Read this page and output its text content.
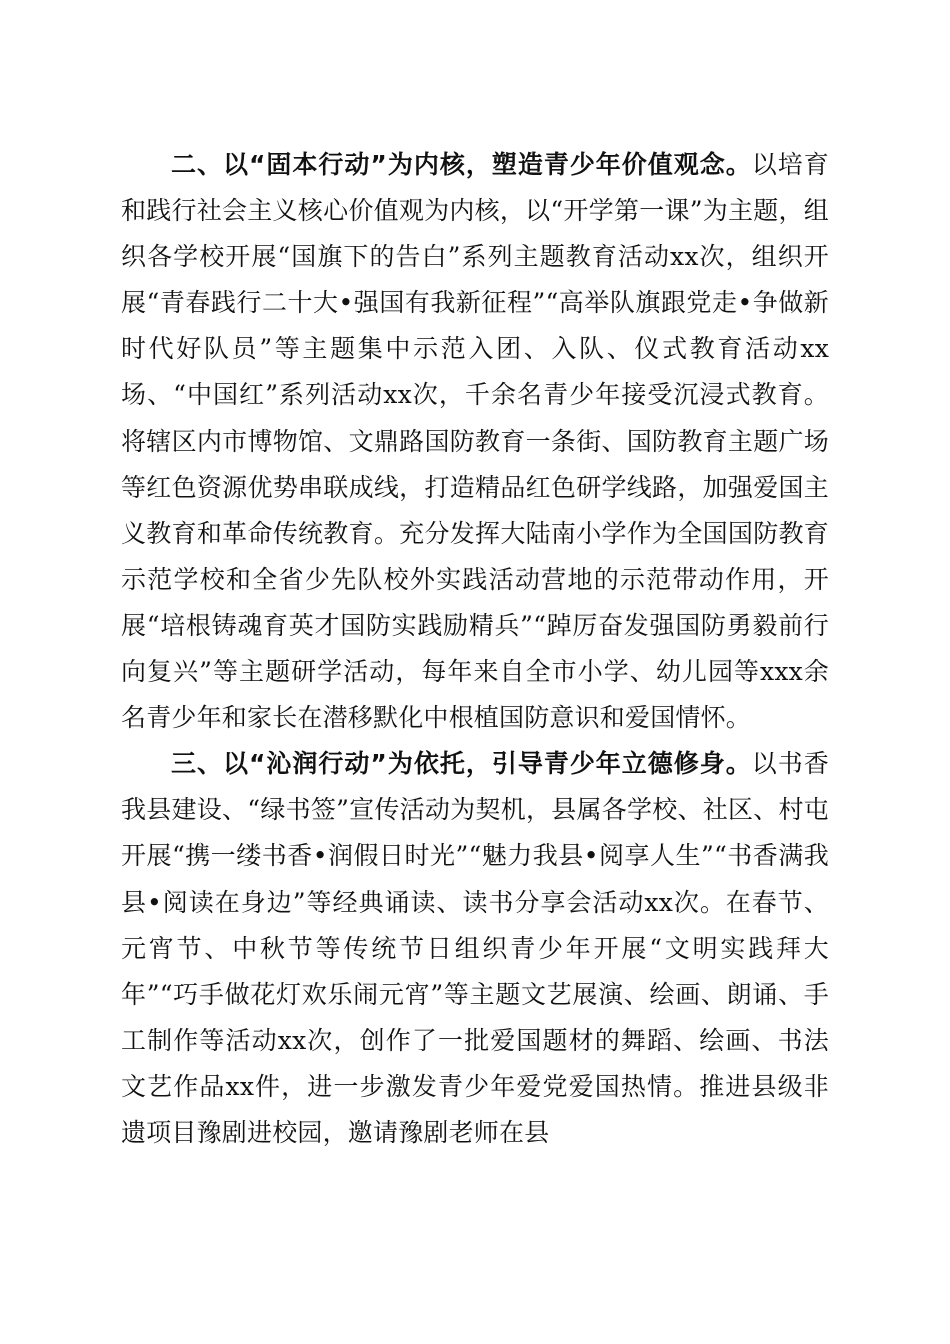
二、以“固本行动”为内核，塑造青少年价值观念。以培育和践行社会主义核心价值观为内核，以“开学第一课”为主题，组织各学校开展“国旗下的告白”系列主题教育活动xx次，组织开展“青春践行二十大•强国有我新征程”“高举队旗跟党走•争做新时代好队员”等主题集中示范入团、入队、仪式教育活动xx场、“中国红”系列活动xx次，千余名青少年接受沉浸式教育。将辖区内市博物馆、文鼎路国防教育一条街、国防教育主题广场等红色资源优势串联成线，打造精品红色研学线路，加强爱国主义教育和革命传统教育。充分发挥大陆南小学作为全国国防教育示范学校和全省少先队校外实践活动营地的示范带动作用，开展“培根铸魂育英才国防实践励精兵”“踔厉奋发强国防勇毅前行向复兴”等主题研学活动，每年来自全市小学、幼儿园等xxx余名青少年和家长在潜移默化中根植国防意识和爱国情怀。

三、以“沁润行动”为依托，引导青少年立德修身。以书香我县建设、“绿书签”宣传活动为契机，县属各学校、社区、村屯开展“携一缕书香•润假日时光”“魅力我县•阅享人生”“书香满我县•阅读在身边”等经典诵读、读书分享会活动xx次。在春节、元宵节、中秋节等传统节日组织青少年开展“文明实践拜大年”“巧手做花灯欢乐闹元宵”等主题文艺展演、绘画、朗诵、手工制作等活动xx次，创作了一批爱国题材的舞蹈、绘画、书法文艺作品xx件，进一步激发青少年爱党爱国热情。推进县级非遗项目豫剧进校园，邀请豫剧老师在县
